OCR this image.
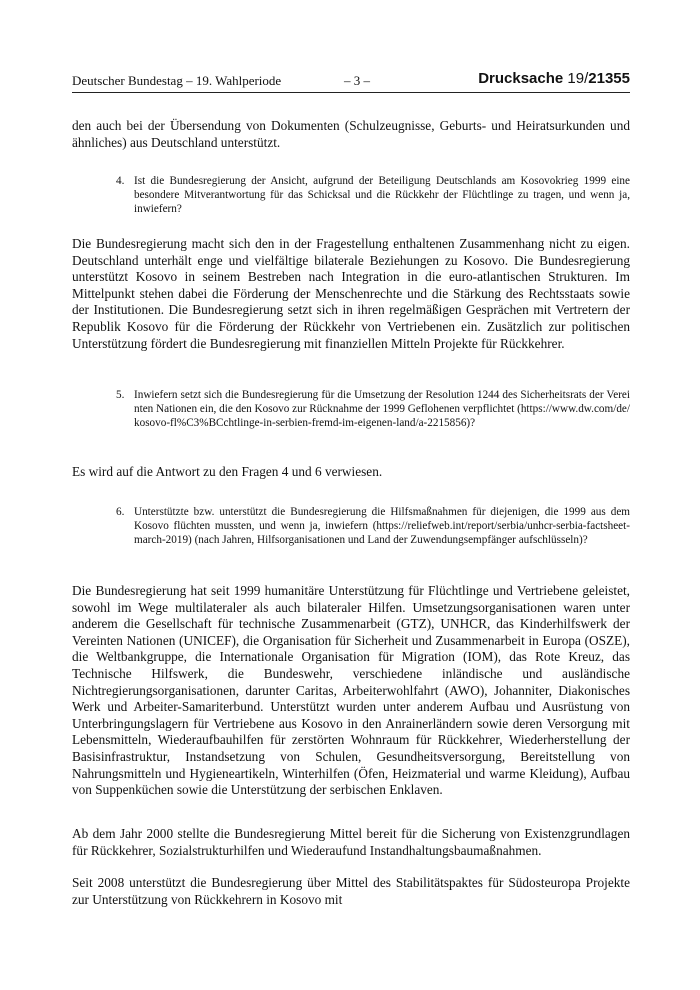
Deutscher Bundestag – 19. Wahlperiode	– 3 –	Drucksache 19/21355

den auch bei der Übersendung von Dokumenten (Schulzeugnisse, Geburts- und Heiratsurkunden und ähnliches) aus Deutschland unterstützt.

4. Ist die Bundesregierung der Ansicht, aufgrund der Beteiligung Deutschlands am Kosovokrieg 1999 eine besondere Mitverantwortung für das Schicksal und die Rückkehr der Flüchtlinge zu tragen, und wenn ja, inwiefern?

Die Bundesregierung macht sich den in der Fragestellung enthaltenen Zusammenhang nicht zu eigen. Deutschland unterhält enge und vielfältige bilaterale Beziehungen zu Kosovo. Die Bundesregierung unterstützt Kosovo in seinem Bestreben nach Integration in die euro-atlantischen Strukturen. Im Mittelpunkt stehen dabei die Förderung der Menschenrechte und die Stärkung des Rechtsstaats sowie der Institutionen. Die Bundesregierung setzt sich in ihren regelmäßigen Gesprächen mit Vertretern der Republik Kosovo für die Förderung der Rückkehr von Vertriebenen ein. Zusätzlich zur politischen Unterstützung fördert die Bundesregierung mit finanziellen Mitteln Projekte für Rückkehrer.

5. Inwiefern setzt sich die Bundesregierung für die Umsetzung der Resolution 1244 des Sicherheitsrats der Vereinten Nationen ein, die den Kosovo zur Rücknahme der 1999 Geflohenen verpflichtet (https://www.dw.com/de/kosovo-fl%C3%BCchtlinge-in-serbien-fremd-im-eigenen-land/a-2215856)?

Es wird auf die Antwort zu den Fragen 4 und 6 verwiesen.

6. Unterstützte bzw. unterstützt die Bundesregierung die Hilfsmaßnahmen für diejenigen, die 1999 aus dem Kosovo flüchten mussten, und wenn ja, inwiefern (https://reliefweb.int/report/serbia/unhcr-serbia-factsheet-march-2019) (nach Jahren, Hilfsorganisationen und Land der Zuwendungsempfänger aufschlüsseln)?

Die Bundesregierung hat seit 1999 humanitäre Unterstützung für Flüchtlinge und Vertriebene geleistet, sowohl im Wege multilateraler als auch bilateraler Hilfen. Umsetzungsorganisationen waren unter anderem die Gesellschaft für technische Zusammenarbeit (GTZ), UNHCR, das Kinderhilfswerk der Vereinten Nationen (UNICEF), die Organisation für Sicherheit und Zusammenarbeit in Europa (OSZE), die Weltbankgruppe, die Internationale Organisation für Migration (IOM), das Rote Kreuz, das Technische Hilfswerk, die Bundeswehr, verschiedene inländische und ausländische Nichtregierungsorganisationen, darunter Caritas, Arbeiterwohlfahrt (AWO), Johanniter, Diakonisches Werk und Arbeiter-Samariterbund. Unterstützt wurden unter anderem Aufbau und Ausrüstung von Unterbringungslagern für Vertriebene aus Kosovo in den Anrainerländern sowie deren Versorgung mit Lebensmitteln, Wiederaufbauhilfen für zerstörten Wohnraum für Rückkehrer, Wiederherstellung der Basisinfrastruktur, Instandsetzung von Schulen, Gesundheitsversorgung, Bereitstellung von Nahrungsmitteln und Hygieneartikeln, Winterhilfen (Öfen, Heizmaterial und warme Kleidung), Aufbau von Suppenküchen sowie die Unterstützung der serbischen Enklaven.

Ab dem Jahr 2000 stellte die Bundesregierung Mittel bereit für die Sicherung von Existenzgrundlagen für Rückkehrer, Sozialstrukturhilfen und Wiederaufund Instandhaltungsbaumaßnahmen.

Seit 2008 unterstützt die Bundesregierung über Mittel des Stabilitätspaktes für Südosteuropa Projekte zur Unterstützung von Rückkehrern in Kosovo mit
